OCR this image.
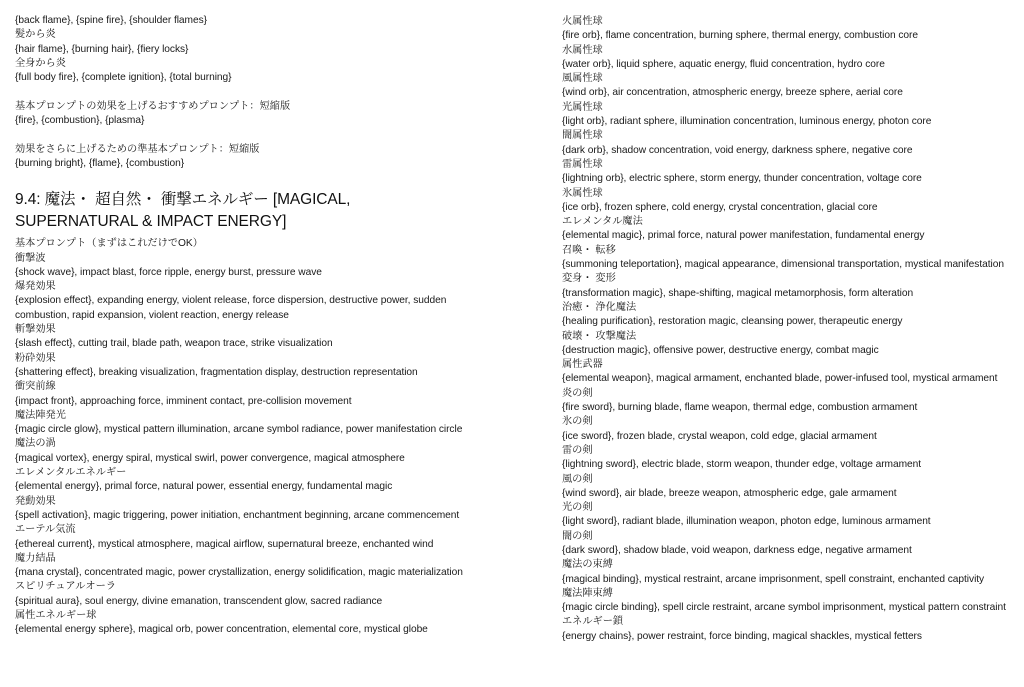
{back flame}, {spine fire}, {shoulder flames}
髪から炎
{hair flame}, {burning hair}, {fiery locks}
全身から炎
{full body fire}, {complete ignition}, {total burning}
基本プロンプトの効果を上げるおすすめプロンプト：短縮版
{fire}, {combustion}, {plasma}
効果をさらに上げるための準基本プロンプト：短縮版
{burning bright}, {flame}, {combustion}
9.4: 魔法・ 超自然・ 衝撃エネルギー [MAGICAL, SUPERNATURAL & IMPACT ENERGY]
基本プロンプト（まずはこれだけでOK）
衝撃波
{shock wave}, impact blast, force ripple, energy burst, pressure wave
爆発効果
{explosion effect}, expanding energy, violent release, force dispersion, destructive power, sudden combustion, rapid expansion, violent reaction, energy release
斬撃効果
{slash effect}, cutting trail, blade path, weapon trace, strike visualization
粉砕効果
{shattering effect}, breaking visualization, fragmentation display, destruction representation
衝突前線
{impact front}, approaching force, imminent contact, pre-collision movement
魔法陣発光
{magic circle glow}, mystical pattern illumination, arcane symbol radiance, power manifestation circle
魔法の渦
{magical vortex}, energy spiral, mystical swirl, power convergence, magical atmosphere
エレメンタルエネルギー
{elemental energy}, primal force, natural power, essential energy, fundamental magic
発動効果
{spell activation}, magic triggering, power initiation, enchantment beginning, arcane commencement
エーテル気流
{ethereal current}, mystical atmosphere, magical airflow, supernatural breeze, enchanted wind
魔力結晶
{mana crystal}, concentrated magic, power crystallization, energy solidification, magic materialization
スピリチュアルオーラ
{spiritual aura}, soul energy, divine emanation, transcendent glow, sacred radiance
属性エネルギー球
{elemental energy sphere}, magical orb, power concentration, elemental core, mystical globe
火属性球
{fire orb}, flame concentration, burning sphere, thermal energy, combustion core
水属性球
{water orb}, liquid sphere, aquatic energy, fluid concentration, hydro core
風属性球
{wind orb}, air concentration, atmospheric energy, breeze sphere, aerial core
光属性球
{light orb}, radiant sphere, illumination concentration, luminous energy, photon core
闇属性球
{dark orb}, shadow concentration, void energy, darkness sphere, negative core
雷属性球
{lightning orb}, electric sphere, storm energy, thunder concentration, voltage core
氷属性球
{ice orb}, frozen sphere, cold energy, crystal concentration, glacial core
エレメンタル魔法
{elemental magic}, primal force, natural power manifestation, fundamental energy
召喚・ 転移
{summoning teleportation}, magical appearance, dimensional transportation, mystical manifestation
変身・ 変形
{transformation magic}, shape-shifting, magical metamorphosis, form alteration
治癒・ 浄化魔法
{healing purification}, restoration magic, cleansing power, therapeutic energy
破壊・ 攻撃魔法
{destruction magic}, offensive power, destructive energy, combat magic
属性武器
{elemental weapon}, magical armament, enchanted blade, power-infused tool, mystical armament
炎の剣
{fire sword}, burning blade, flame weapon, thermal edge, combustion armament
氷の剣
{ice sword}, frozen blade, crystal weapon, cold edge, glacial armament
雷の剣
{lightning sword}, electric blade, storm weapon, thunder edge, voltage armament
風の剣
{wind sword}, air blade, breeze weapon, atmospheric edge, gale armament
光の剣
{light sword}, radiant blade, illumination weapon, photon edge, luminous armament
闇の剣
{dark sword}, shadow blade, void weapon, darkness edge, negative armament
魔法の束縛
{magical binding}, mystical restraint, arcane imprisonment, spell constraint, enchanted captivity
魔法陣束縛
{magic circle binding}, spell circle restraint, arcane symbol imprisonment, mystical pattern constraint
エネルギー鎖
{energy chains}, power restraint, force binding, magical shackles, mystical fetters
